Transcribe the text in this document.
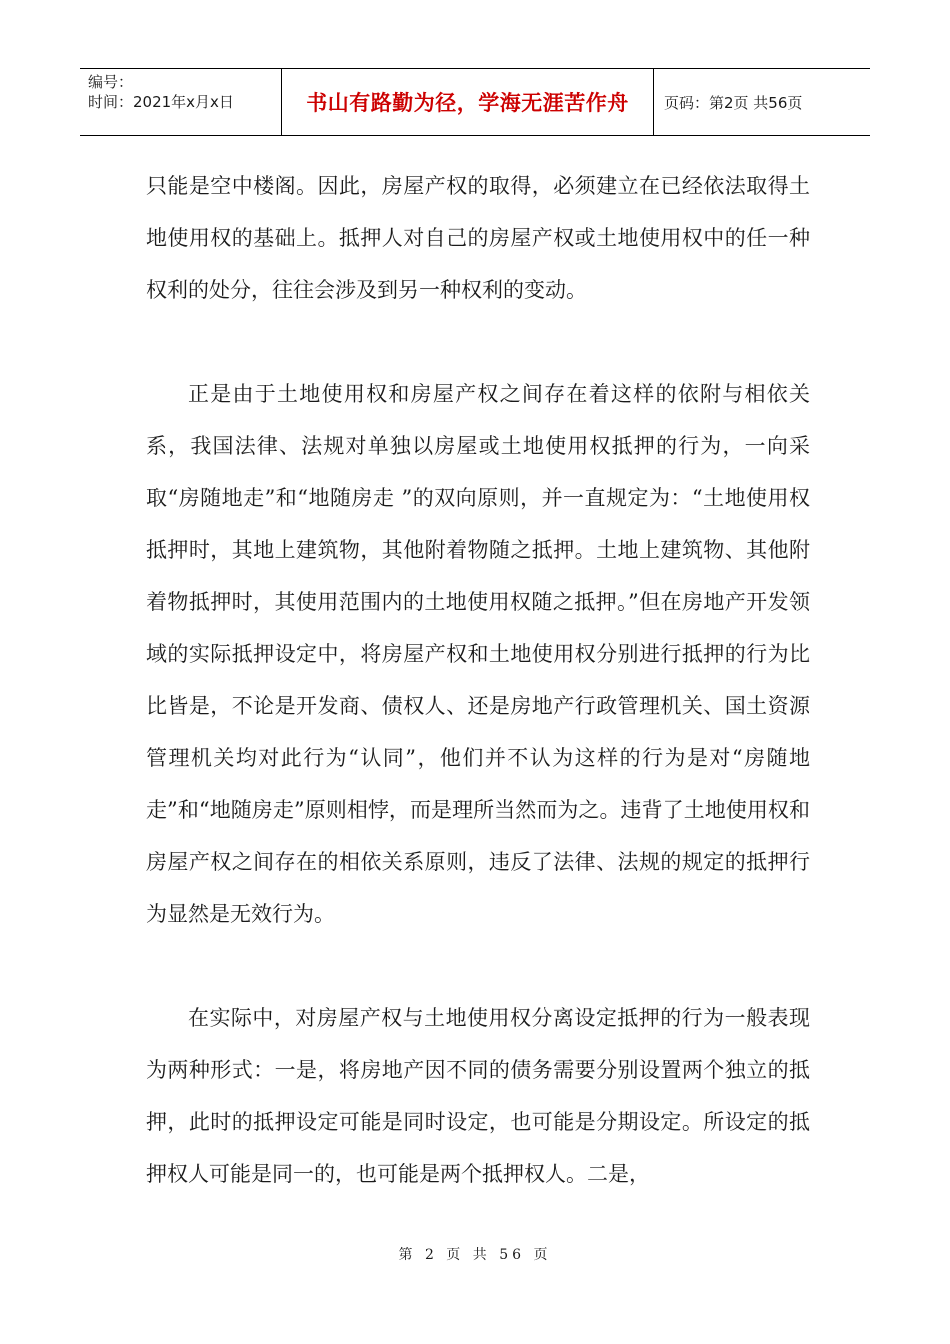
编号：
时间：2021年x月x日	书山有路勤为径，学海无涯苦作舟	页码：第2页 共56页

只能是空中楼阁。因此，房屋产权的取得，必须建立在已经依法取得土地使用权的基础上。抵押人对自己的房屋产权或土地使用权中的任一种权利的处分，往往会涉及到另一种权利的变动。

正是由于土地使用权和房屋产权之间存在着这样的依附与相依关系，我国法律、法规对单独以房屋或土地使用权抵押的行为，一向采取“房随地走”和“地随房走 ”的双向原则，并一直规定为：“土地使用权抵押时，其地上建筑物，其他附着物随之抵押。土地上建筑物、其他附着物抵押时，其使用范围内的土地使用权随之抵押。”但在房地产开发领域的实际抵押设定中，将房屋产权和土地使用权分别进行抵押的行为比比皆是，不论是开发商、债权人、还是房地产行政管理机关、国土资源管理机关均对此行为“认同”，他们并不认为这样的行为是对“房随地走”和“地随房走”原则相悖，而是理所当然而为之。违背了土地使用权和房屋产权之间存在的相依关系原则，违反了法律、法规的规定的抵押行为显然是无效行为。

在实际中，对房屋产权与土地使用权分离设定抵押的行为一般表现为两种形式：一是，将房地产因不同的债务需要分别设置两个独立的抵押，此时的抵押设定可能是同时设定，也可能是分期设定。所设定的抵押权人可能是同一的，也可能是两个抵押权人。二是，

第 2 页 共 56 页
